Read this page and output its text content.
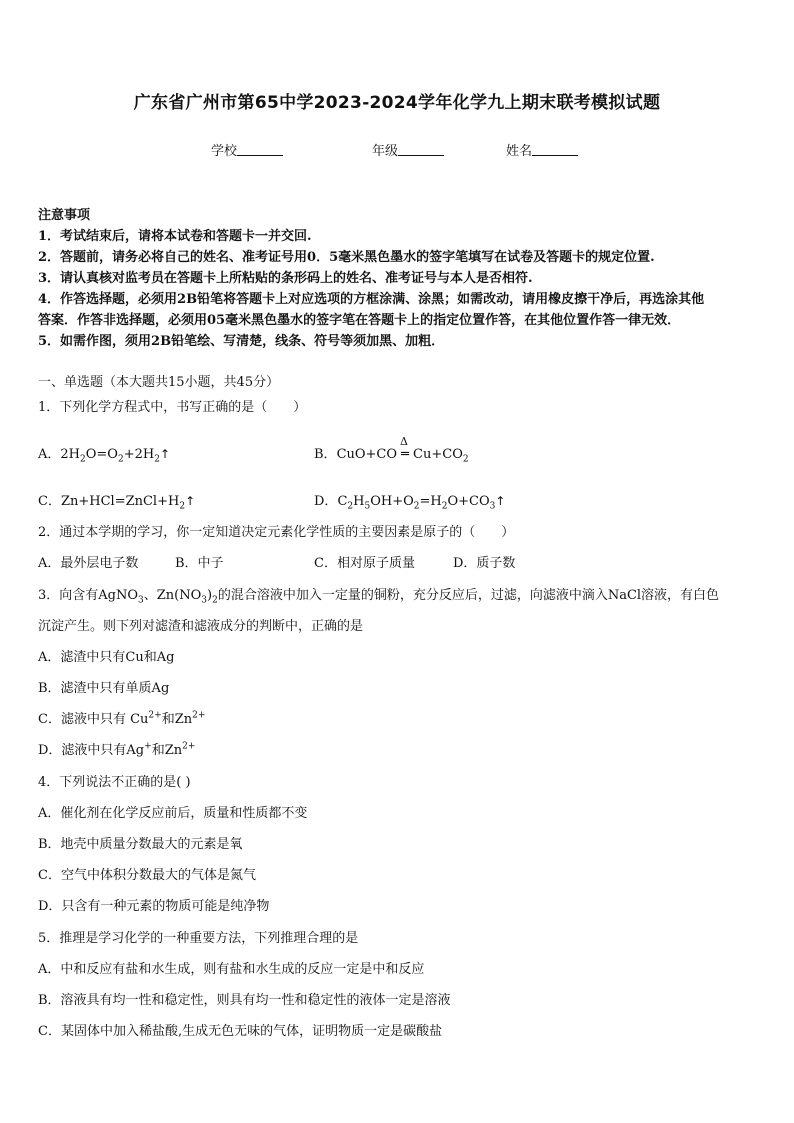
广东省广州市第65中学2023-2024学年化学九上期末联考模拟试题
学校	年级	姓名
注意事项
1．考试结束后，请将本试卷和答题卡一并交回.
2．答题前，请务必将自己的姓名、准考证号用0．5毫米黑色墨水的签字笔填写在试卷及答题卡的规定位置.
3．请认真核对监考员在答题卡上所粘贴的条形码上的姓名、准考证号与本人是否相符.
4．作答选择题，必须用2B铅笔将答题卡上对应选项的方框涂满、涂黑；如需改动，请用橡皮擦干净后，再选涂其他
答案．作答非选择题，必须用05毫米黑色墨水的签字笔在答题卡上的指定位置作答，在其他位置作答一律无效．
5．如需作图，须用2B铅笔绘、写清楚，线条、符号等须加黑、加粗．
一、单选题（本大题共15小题，共45分）
1．下列化学方程式中，书写正确的是（　　）
A．$2H_2O=O_2+2H_2↑$	B．CuO+CO
Δ
═ $Cu+CO_2$
C．$Zn+HCl=ZnCl+H_2↑$	D．$C_2H_5OH+O_2=H_2O+CO_3↑$
2．通过本学期的学习，你一定知道决定元素化学性质的主要因素是原子的（　　）
A．最外层电子数	B．中子	C．相对原子质量	D．质子数
3．向含有AgNO$_3$、$Zn(NO_3)_2$的混合溶液中加入一定量的铜粉，充分反应后，过滤，向滤液中滴入NaCl溶液，有白色
沉淀产生。则下列对滤渣和滤液成分的判断中，正确的是
A．滤渣中只有Cu和Ag
B．滤渣中只有单质Ag
C．滤液中只有 $Cu^{2+}$和$Zn^{2+}$
D．滤液中只有Ag+和$Zn^{2+}$
4．下列说法不正确的是( )
A．催化剂在化学反应前后，质量和性质都不变
B．地壳中质量分数最大的元素是氧
C．空气中体积分数最大的气体是氮气
D．只含有一种元素的物质可能是纯净物
5．推理是学习化学的一种重要方法，下列推理合理的是
A．中和反应有盐和水生成，则有盐和水生成的反应一定是中和反应
B．溶液具有均一性和稳定性，则具有均一性和稳定性的液体一定是溶液
C．某固体中加入稀盐酸,生成无色无味的气体，证明物质一定是碳酸盐
